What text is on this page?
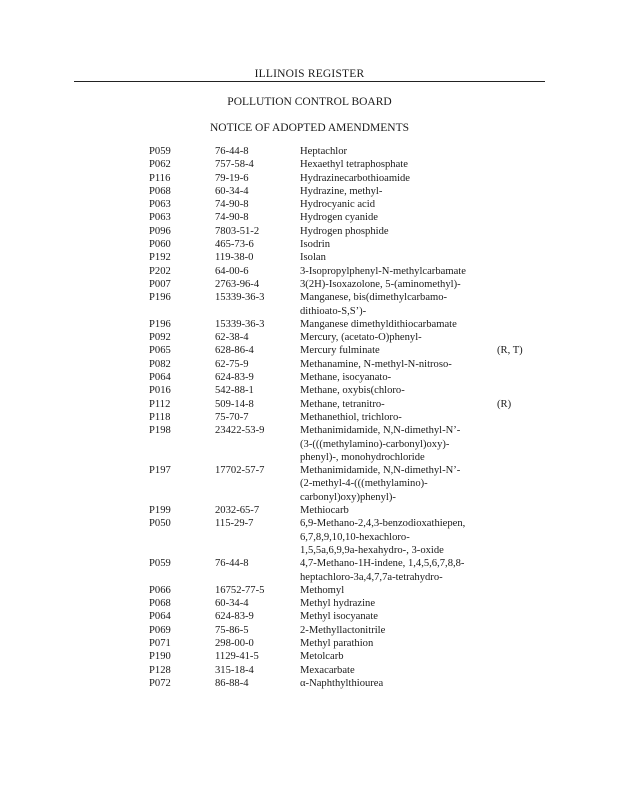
ILLINOIS REGISTER
POLLUTION CONTROL BOARD
NOTICE OF ADOPTED AMENDMENTS
P059	76-44-8	Heptachlor
P062	757-58-4	Hexaethyl tetraphosphate
P116	79-19-6	Hydrazinecarbothioamide
P068	60-34-4	Hydrazine, methyl-
P063	74-90-8	Hydrocyanic acid
P063	74-90-8	Hydrogen cyanide
P096	7803-51-2	Hydrogen phosphide
P060	465-73-6	Isodrin
P192	119-38-0	Isolan
P202	64-00-6	3-Isopropylphenyl-N-methylcarbamate
P007	2763-96-4	3(2H)-Isoxazolone, 5-(aminomethyl)-
P196	15339-36-3	Manganese, bis(dimethylcarbamo-
dithioato-S,S’)-
P196	15339-36-3	Manganese dimethyldithiocarbamate
P092	62-38-4	Mercury, (acetato-O)phenyl-
P065	628-86-4	Mercury fulminate	(R, T)
P082	62-75-9	Methanamine, N-methyl-N-nitroso-
P064	624-83-9	Methane, isocyanato-
P016	542-88-1	Methane, oxybis(chloro-
P112	509-14-8	Methane, tetranitro-	(R)
P118	75-70-7	Methanethiol, trichloro-
P198	23422-53-9	Methanimidamide, N,N-dimethyl-N’-
(3-(((methylamino)-carbonyl)oxy)-
phenyl)-, monohydrochloride
P197	17702-57-7	Methanimidamide, N,N-dimethyl-N’-
(2-methyl-4-(((methylamino)-
carbonyl)oxy)phenyl)-
P199	2032-65-7	Methiocarb
P050	115-29-7	6,9-Methano-2,4,3-benzodioxathiepen,
6,7,8,9,10,10-hexachloro-
1,5,5a,6,9,9a-hexahydro-, 3-oxide
P059	76-44-8	4,7-Methano-1H-indene, 1,4,5,6,7,8,8-
heptachloro-3a,4,7,7a-tetrahydro-
P066	16752-77-5	Methomyl
P068	60-34-4	Methyl hydrazine
P064	624-83-9	Methyl isocyanate
P069	75-86-5	2-Methyllactonitrile
P071	298-00-0	Methyl parathion
P190	1129-41-5	Metolcarb
P128	315-18-4	Mexacarbate
P072	86-88-4	α-Naphthylthiourea
